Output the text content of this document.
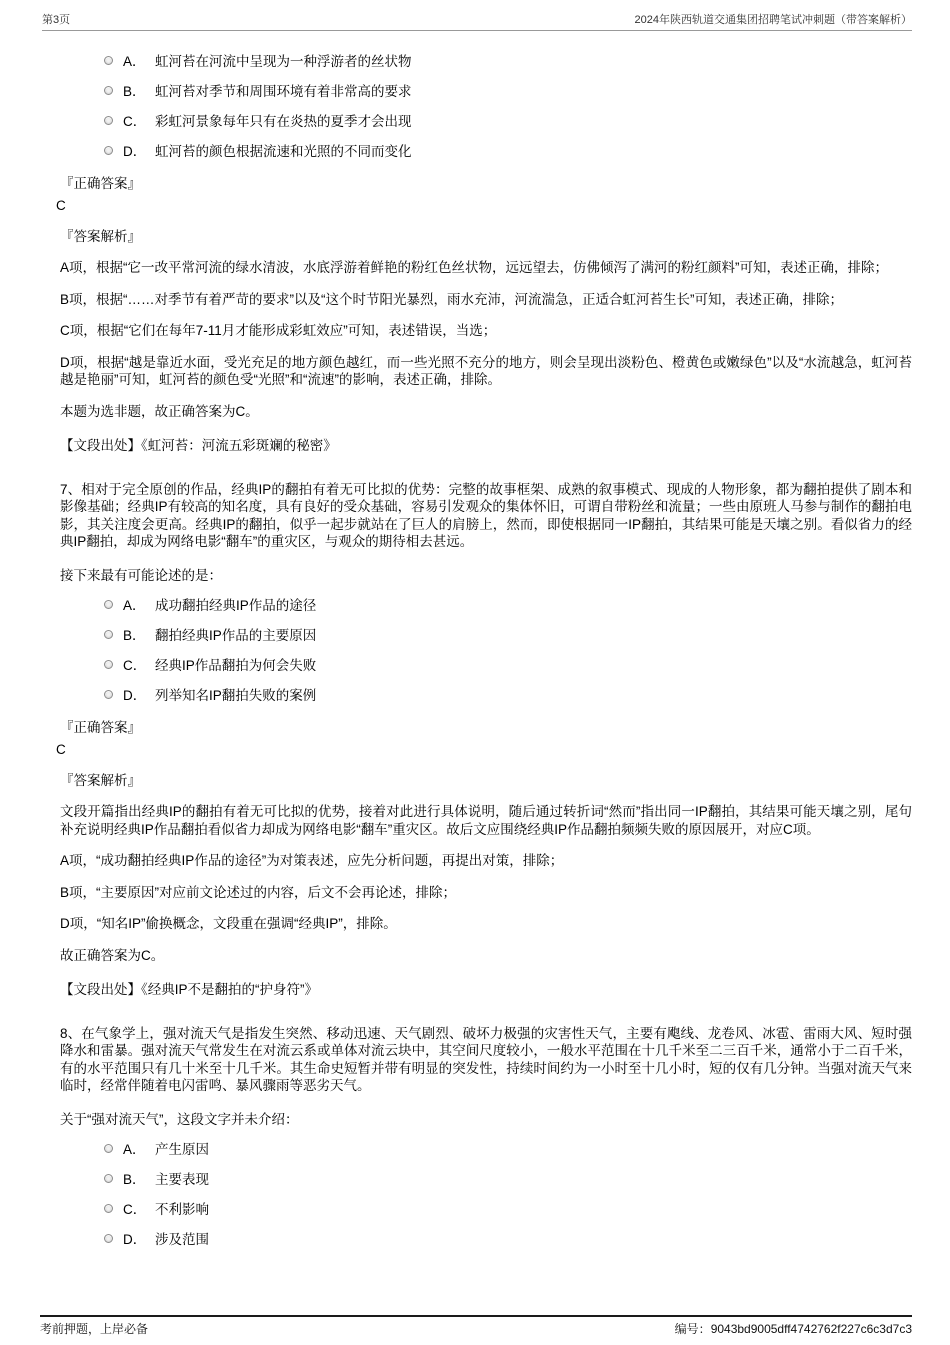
第3页	2024年陕西轨道交通集团招聘笔试冲刺题（带答案解析）
A． 虹河苔在河流中呈现为一种浮游者的丝状物
B． 虹河苔对季节和周围环境有着非常高的要求
C． 彩虹河景象每年只有在炎热的夏季才会出现
D． 虹河苔的颜色根据流速和光照的不同而变化
『正确答案』
C
『答案解析』

A项，根据“它一改平常河流的绿水清波，水底浮游着鲜艳的粉红色丝状物，远远望去，仿佛倾泻了满河的粉红颜料”可知，表述正确，排除；

B项，根据“……对季节有着严苛的要求”以及“这个时节阳光暴烈，雨水充沛，河流湍急，正适合虹河苔生长”可知，表述正确，排除；

C项，根据“它们在每年7-11月才能形成彩虹效应”可知，表述错误，当选；

D项，根据“越是靠近水面，受光充足的地方颜色越红，而一些光照不充分的地方，则会呈现出淡粉色、橙黄色或嫩绿色”以及“水流越急，虹河苔越是艳丽”可知，虹河苔的颜色受“光照”和“流速”的影响，表述正确，排除。

本题为选非题，故正确答案为C。

【文段出处】《虹河苔：河流五彩斑斓的秘密》

7、相对于完全原创的作品，经典IP的翻拍有着无可比拟的优势：完整的故事框架、成熟的叙事模式、现成的人物形象，都为翻拍提供了剧本和影像基础；经典IP有较高的知名度，具有良好的受众基础，容易引发观众的集体怀旧，可谓自带粉丝和流量；一些由原班人马参与制作的翻拍电影，其关注度会更高。经典IP的翻拍，似乎一起步就站在了巨人的肩膀上，然而，即使根据同一IP翻拍，其结果可能是天壤之别。看似省力的经典IP翻拍，却成为网络电影“翻车”的重灾区，与观众的期待相去甚远。

接下来最有可能论述的是：

A． 成功翻拍经典IP作品的途径
B． 翻拍经典IP作品的主要原因
C． 经典IP作品翻拍为何会失败
D． 列举知名IP翻拍失败的案例
『正确答案』
C
『答案解析』

文段开篇指出经典IP的翻拍有着无可比拟的优势，接着对此进行具体说明，随后通过转折词“然而”指出同一IP翻拍，其结果可能天壤之别，尾句补充说明经典IP作品翻拍看似省力却成为网络电影“翻车”重灾区。故后文应围绕经典IP作品翻拍频频失败的原因展开，对应C项。

A项，“成功翻拍经典IP作品的途径”为对策表述，应先分析问题，再提出对策，排除；

B项，“主要原因”对应前文论述过的内容，后文不会再论述，排除；

D项，“知名IP”偷换概念，文段重在强调“经典IP”，排除。

故正确答案为C。

【文段出处】《经典IP不是翻拍的“护身符”》

8、在气象学上，强对流天气是指发生突然、移动迅速、天气剧烈、破坏力极强的灾害性天气，主要有飑线、龙卷风、冰雹、雷雨大风、短时强降水和雷暴。强对流天气常发生在对流云系或单体对流云块中，其空间尺度较小，一般水平范围在十几千米至二三百千米，通常小于二百千米，有的水平范围只有几十米至十几千米。其生命史短暂并带有明显的突发性，持续时间约为一小时至十几小时，短的仅有几分钟。当强对流天气来临时，经常伴随着电闪雷鸣、暴风骤雨等恶劣天气。

关于“强对流天气”，这段文字并未介绍：

A． 产生原因
B． 主要表现
C． 不利影响
D． 涉及范围
考前押题，上岸必备	编号：9043bd9005dff4742762f227c6c3d7c3
